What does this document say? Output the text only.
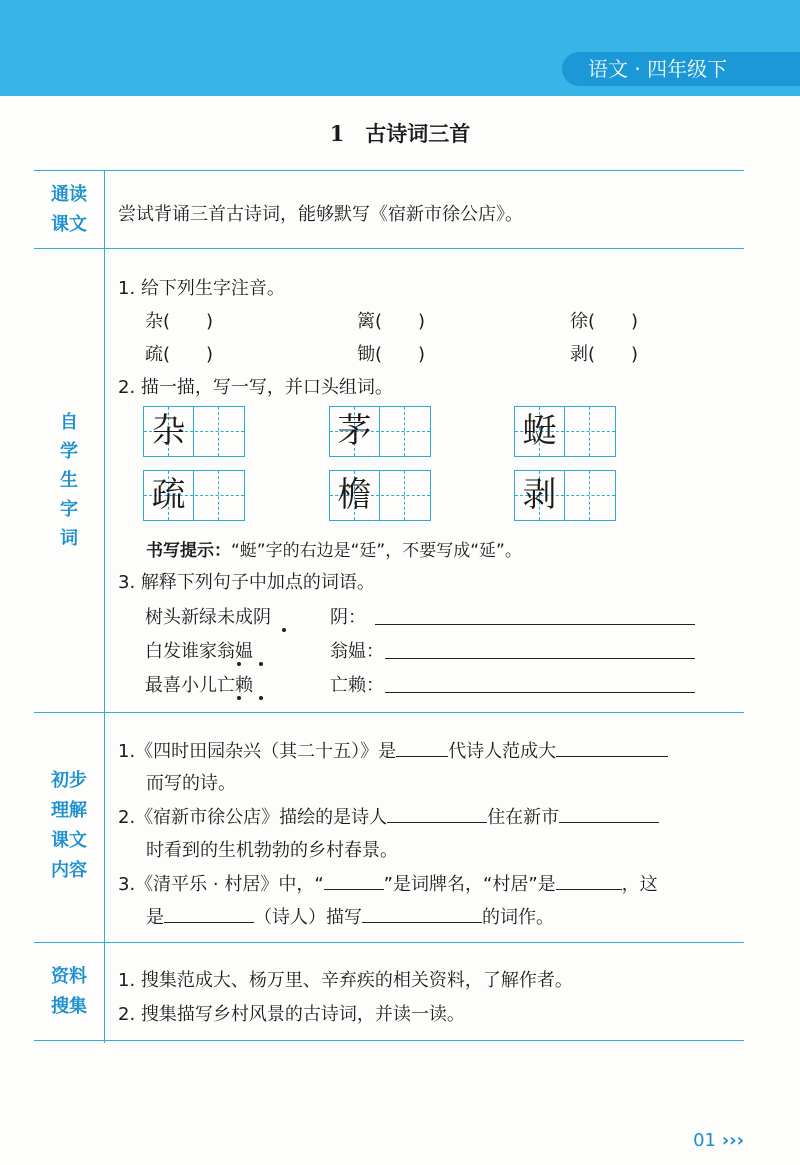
语文 · 四年级下
1　古诗词三首
通读
课文	尝试背诵三首古诗词，能够默写《宿新市徐公店》。
自
学
生
字
词
1. 给下列生字注音。
杂(　　)	篱(　　)	徐(　　)
疏(　　)	锄(　　)	剥(　　)
2. 描一描，写一写，并口头组词。
杂	茅	蜓
疏	檐	剥
书写提示：“蜓”字的右边是“廷”，不要写成“延”。
3. 解释下列句子中加点的词语。
树头新绿未成阴	阴：
白发谁家翁媪	翁媪：
最喜小儿亡赖	亡赖：
初步
理解
课文
内容
1.《四时田园杂兴（其二十五）》是	代诗人范成大
而写的诗。
2.《宿新市徐公店》描绘的是诗人	住在新市
时看到的生机勃勃的乡村春景。
3.《清平乐 · 村居》中，“	”是词牌名，“村居”是	，这
是	（诗人）描写	的词作。
资料
搜集
1. 搜集范成大、杨万里、辛弃疾的相关资料，了解作者。
2. 搜集描写乡村风景的古诗词，并读一读。
01 ›››
